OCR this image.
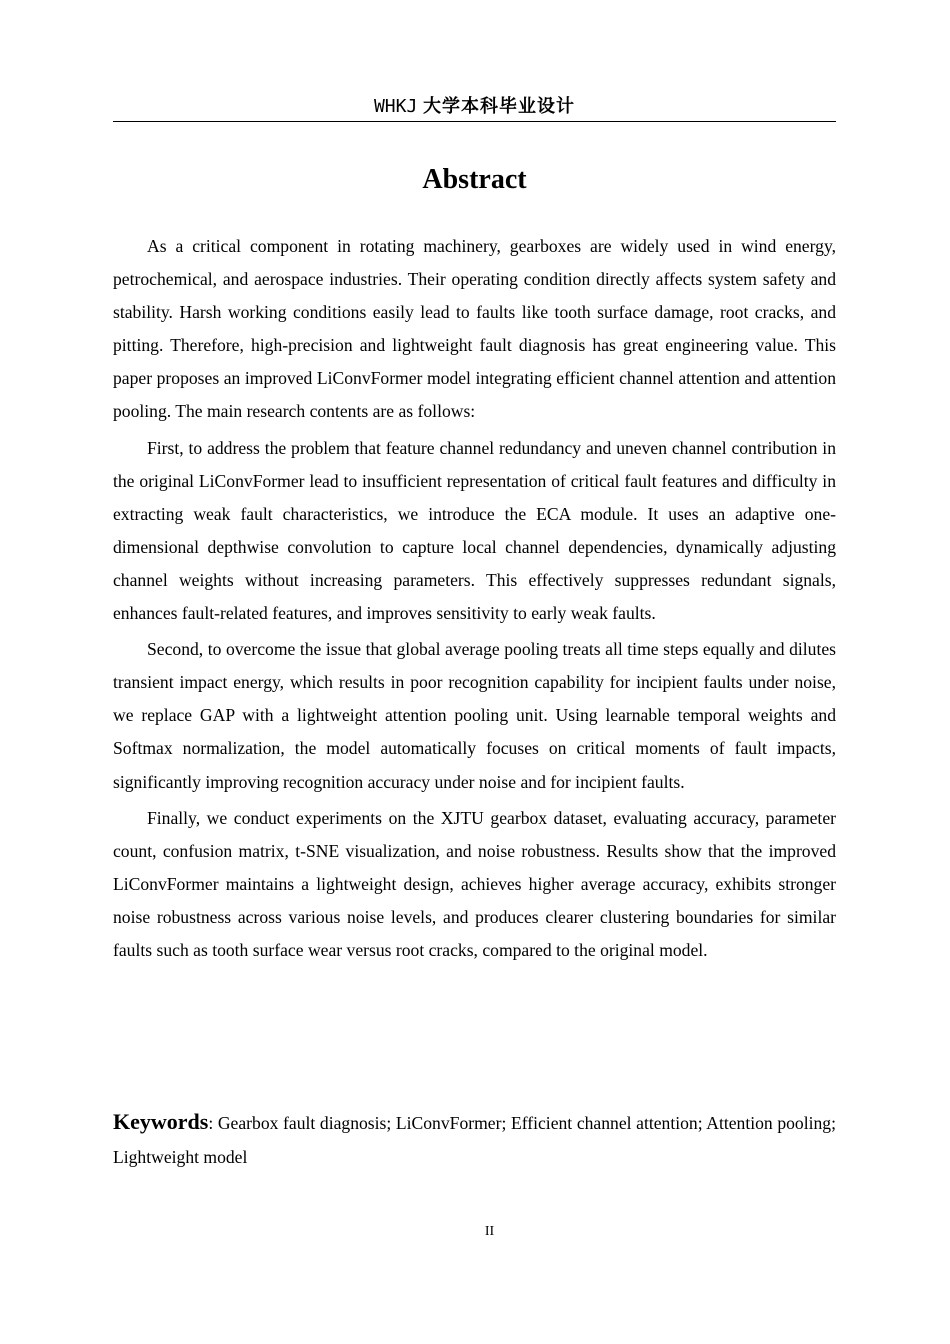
WHKJ 大学本科毕业设计
Abstract

As a critical component in rotating machinery, gearboxes are widely used in wind energy, petrochemical, and aerospace industries. Their operating condition directly affects system safety and stability. Harsh working conditions easily lead to faults like tooth surface damage, root cracks, and pitting. Therefore, high-precision and lightweight fault diagnosis has great engineering value. This paper proposes an improved LiConvFormer model integrating efficient channel attention and attention pooling. The main research contents are as follows:

First, to address the problem that feature channel redundancy and uneven channel contribution in the original LiConvFormer lead to insufficient representation of critical fault features and difficulty in extracting weak fault characteristics, we introduce the ECA module. It uses an adaptive one-dimensional depthwise convolution to capture local channel dependencies, dynamically adjusting channel weights without increasing parameters. This effectively suppresses redundant signals, enhances fault-related features, and improves sensitivity to early weak faults.

Second, to overcome the issue that global average pooling treats all time steps equally and dilutes transient impact energy, which results in poor recognition capability for incipient faults under noise, we replace GAP with a lightweight attention pooling unit. Using learnable temporal weights and Softmax normalization, the model automatically focuses on critical moments of fault impacts, significantly improving recognition accuracy under noise and for incipient faults.

Finally, we conduct experiments on the XJTU gearbox dataset, evaluating accuracy, parameter count, confusion matrix, t-SNE visualization, and noise robustness. Results show that the improved LiConvFormer maintains a lightweight design, achieves higher average accuracy, exhibits stronger noise robustness across various noise levels, and produces clearer clustering boundaries for similar faults such as tooth surface wear versus root cracks, compared to the original model.

Keywords: Gearbox fault diagnosis; LiConvFormer; Efficient channel attention; Attention pooling; Lightweight model
II
